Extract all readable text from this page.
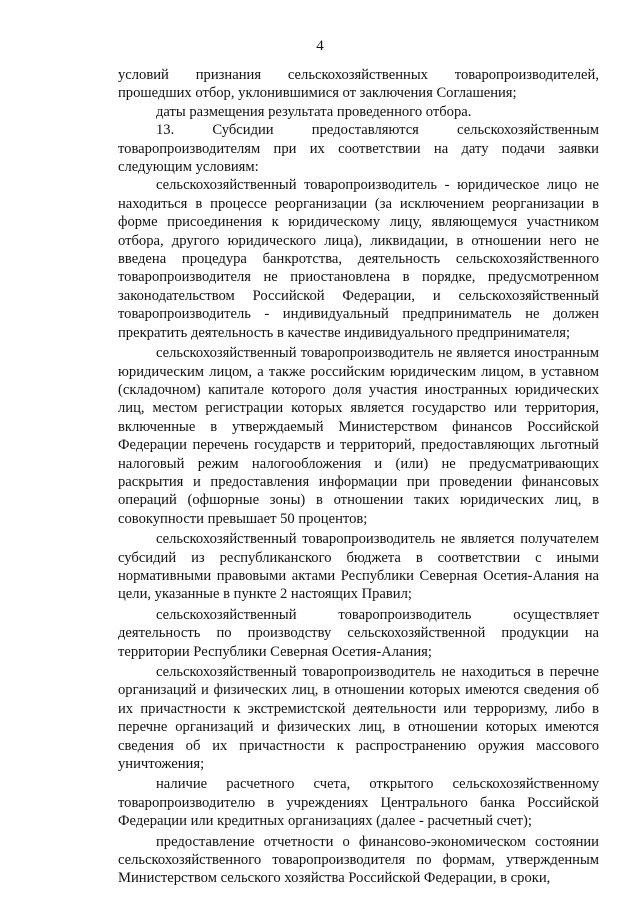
4

условий признания сельскохозяйственных товаропроизводителей, прошедших отбор, уклонившимися от заключения Соглашения;

даты размещения результата проведенного отбора.

13. Субсидии предоставляются сельскохозяйственным товаропроизводителям при их соответствии на дату подачи заявки следующим условиям:

сельскохозяйственный товаропроизводитель - юридическое лицо не находиться в процессе реорганизации (за исключением реорганизации в форме присоединения к юридическому лицу, являющемуся участником отбора, другого юридического лица), ликвидации, в отношении него не введена процедура банкротства, деятельность сельскохозяйственного товаропроизводителя не приостановлена в порядке, предусмотренном законодательством Российской Федерации, и сельскохозяйственный товаропроизводитель - индивидуальный предприниматель не должен прекратить деятельность в качестве индивидуального предпринимателя;

сельскохозяйственный товаропроизводитель не является иностранным юридическим лицом, а также российским юридическим лицом, в уставном (складочном) капитале которого доля участия иностранных юридических лиц, местом регистрации которых является государство или территория, включенные в утверждаемый Министерством финансов Российской Федерации перечень государств и территорий, предоставляющих льготный налоговый режим налогообложения и (или) не предусматривающих раскрытия и предоставления информации при проведении финансовых операций (офшорные зоны) в отношении таких юридических лиц, в совокупности превышает 50 процентов;

сельскохозяйственный товаропроизводитель не является получателем субсидий из республиканского бюджета в соответствии с иными нормативными правовыми актами Республики Северная Осетия-Алания на цели, указанные в пункте 2 настоящих Правил;

сельскохозяйственный товаропроизводитель осуществляет деятельность по производству сельскохозяйственной продукции на территории Республики Северная Осетия-Алания;

сельскохозяйственный товаропроизводитель не находиться в перечне организаций и физических лиц, в отношении которых имеются сведения об их причастности к экстремистской деятельности или терроризму, либо в перечне организаций и физических лиц, в отношении которых имеются сведения об их причастности к распространению оружия массового уничтожения;

наличие расчетного счета, открытого сельскохозяйственному товаропроизводителю в учреждениях Центрального банка Российской Федерации или кредитных организациях (далее - расчетный счет);

предоставление отчетности о финансово-экономическом состоянии сельскохозяйственного товаропроизводителя по формам, утвержденным Министерством сельского хозяйства Российской Федерации, в сроки,
